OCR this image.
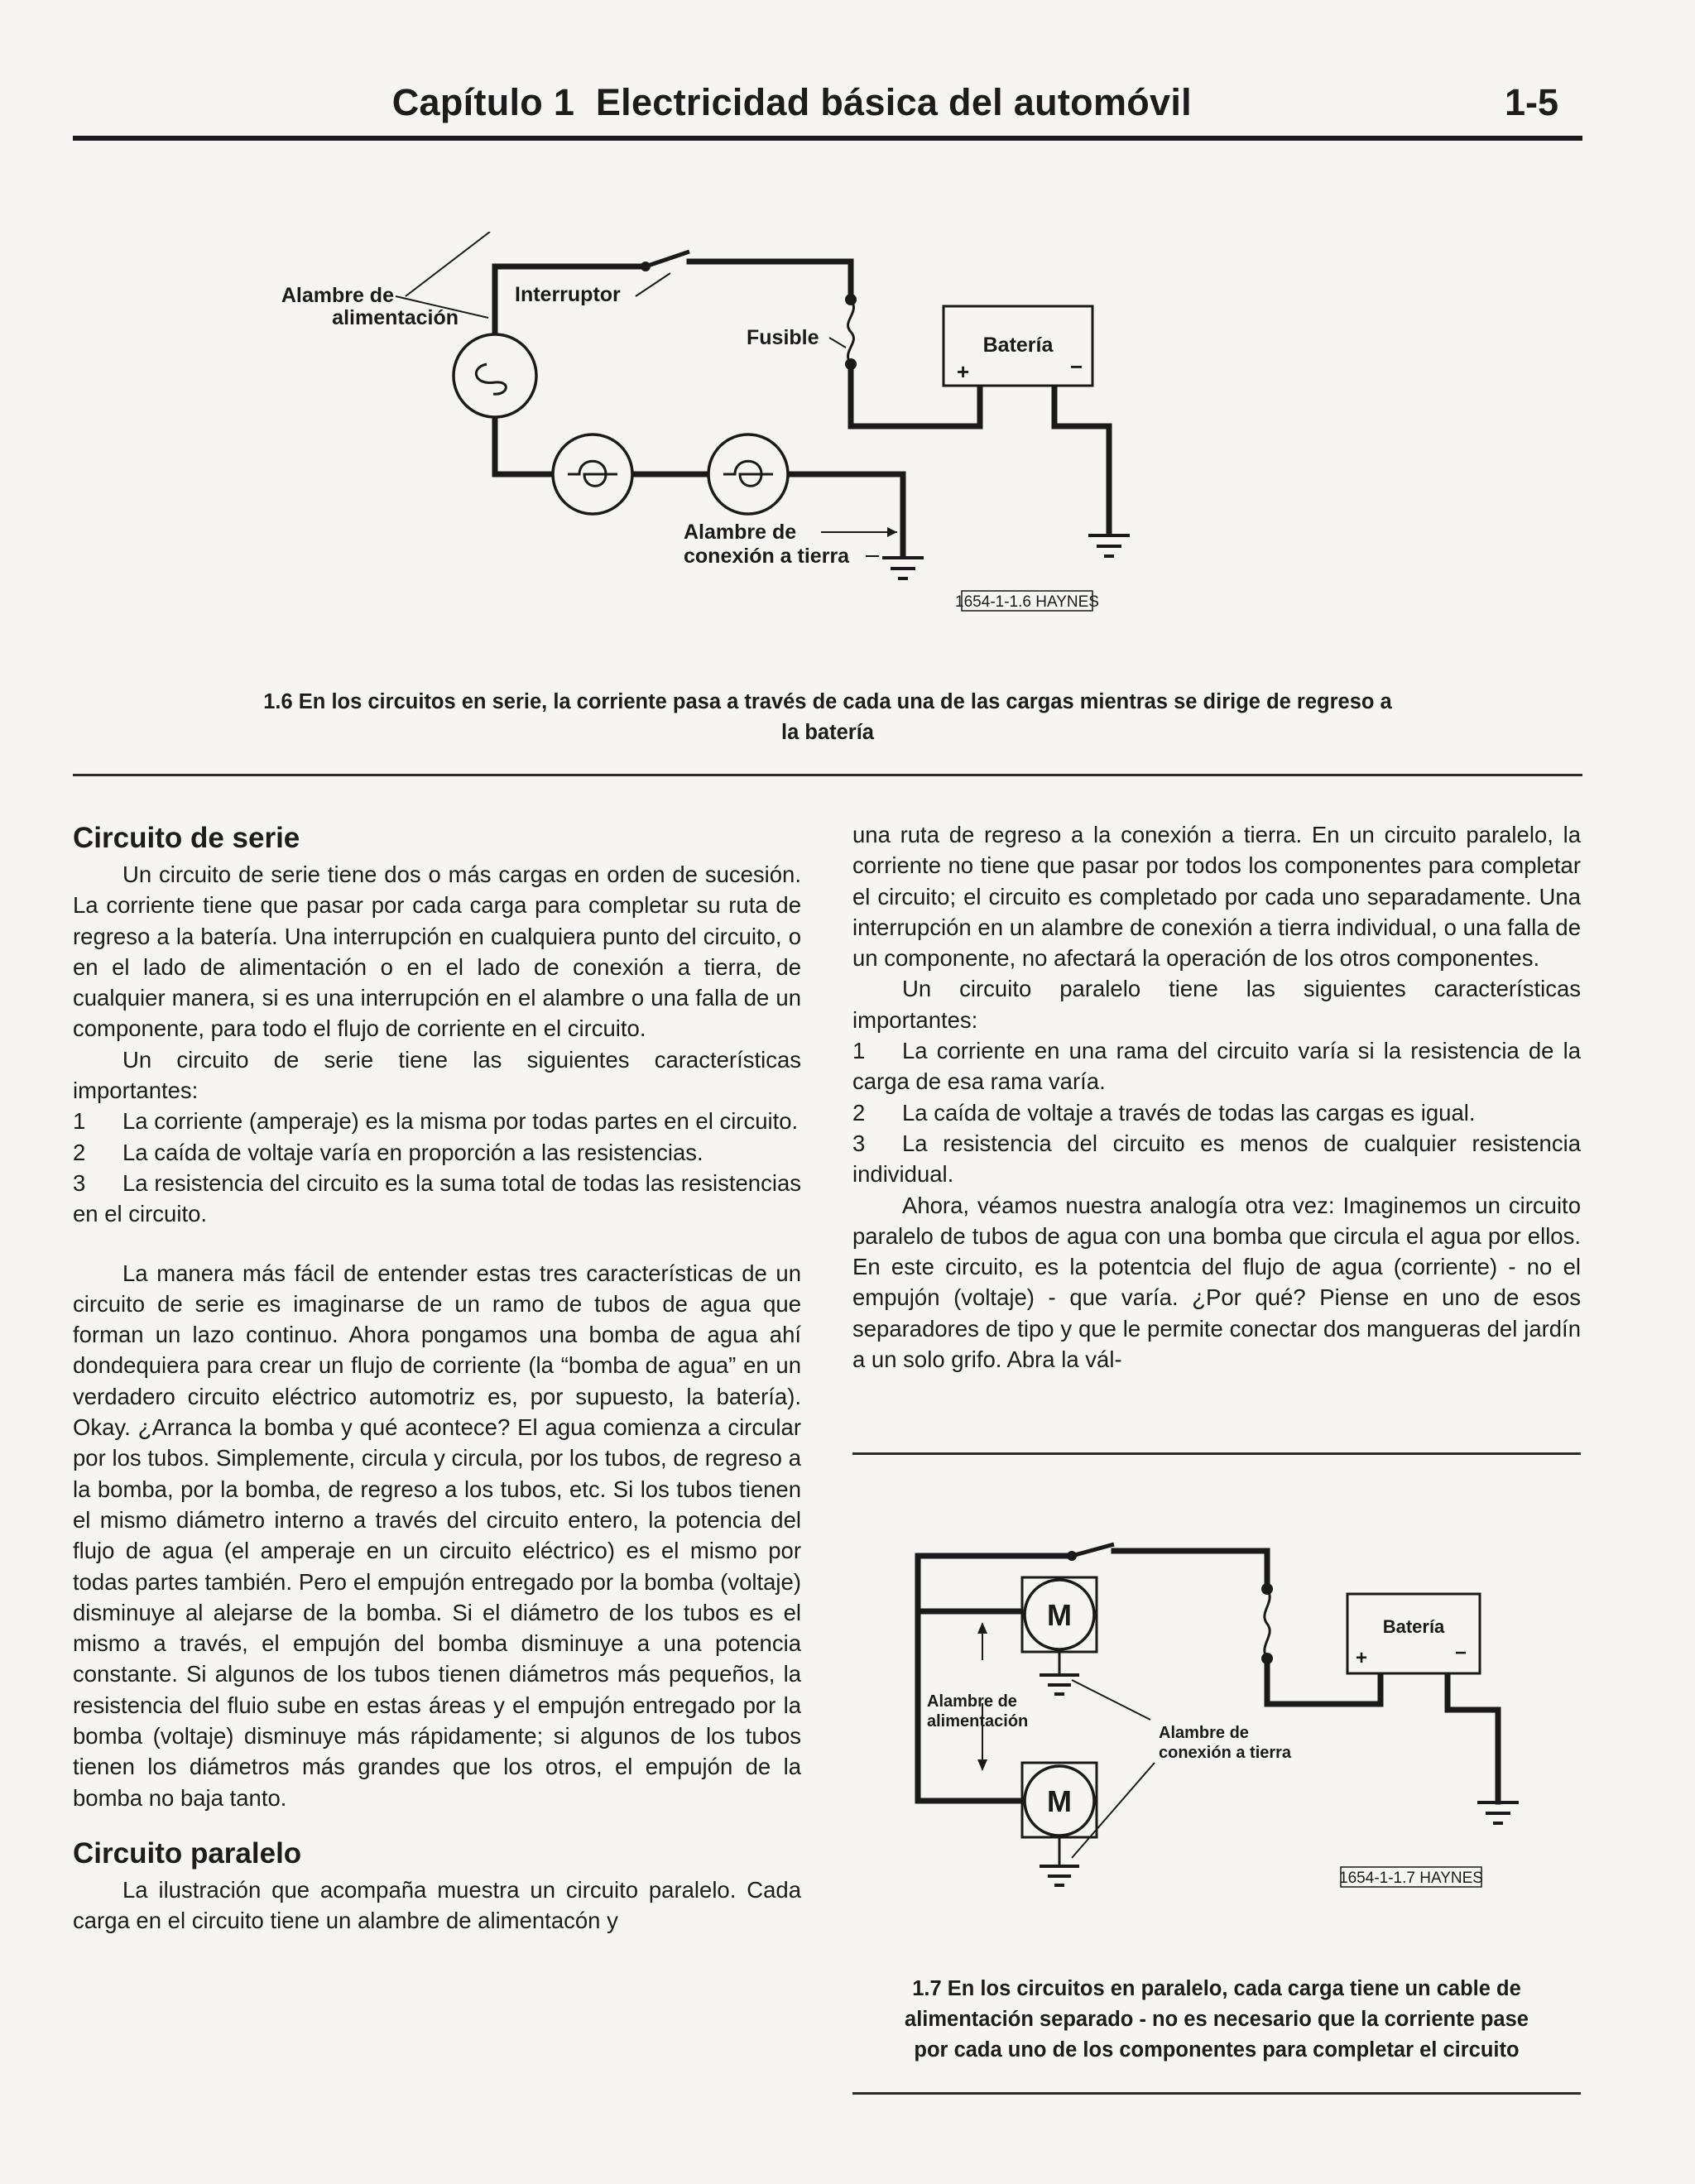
Capítulo 1 Electricidad básica del automóvil	1-5
Batería
+	−
Alambre de
alimentación
Interruptor
Fusible
Alambre de
conexión a tierra
1654-1-1.6 HAYNES
1.6 En los circuitos en serie, la corriente pasa a través de cada una de las cargas mientras se dirige de regreso a
la batería
Circuito de serie

Un circuito de serie tiene dos o más cargas en orden de sucesión. La corriente tiene que pasar por cada carga para completar su ruta de regreso a la batería. Una interrupción en cualquiera punto del circuito, o en el lado de alimentación o en el lado de conexión a tierra, de cualquier manera, si es una interrupción en el alambre o una falla de un componente, para todo el flujo de corriente en el circuito.

Un circuito de serie tiene las siguientes características importantes:

1 La corriente (amperaje) es la misma por todas partes en el circuito.

2 La caída de voltaje varía en proporción a las resistencias.

3 La resistencia del circuito es la suma total de todas las resistencias en el circuito.

La manera más fácil de entender estas tres características de un circuito de serie es imaginarse de un ramo de tubos de agua que forman un lazo continuo. Ahora pongamos una bomba de agua ahí dondequiera para crear un flujo de corriente (la “bomba de agua” en un verdadero circuito eléctrico automotriz es, por supuesto, la batería). Okay. ¿Arranca la bomba y qué acontece? El agua comienza a circular por los tubos. Simplemente, circula y circula, por los tubos, de regreso a la bomba, por la bomba, de regreso a los tubos, etc. Si los tubos tienen el mismo diámetro interno a través del circuito entero, la potencia del flujo de agua (el amperaje en un circuito eléctrico) es el mismo por todas partes también. Pero el empujón entregado por la bomba (voltaje) disminuye al alejarse de la bomba. Si el diámetro de los tubos es el mismo a través, el empujón del bomba disminuye a una potencia constante. Si algunos de los tubos tienen diámetros más pequeños, la resistencia del fluio sube en estas áreas y el empujón entregado por la bomba (voltaje) disminuye más rápidamente; si algunos de los tubos tienen los diámetros más grandes que los otros, el empujón de la bomba no baja tanto.

Circuito paralelo

La ilustración que acompaña muestra un circuito paralelo. Cada carga en el circuito tiene un alambre de alimentacón y

una ruta de regreso a la conexión a tierra. En un circuito paralelo, la corriente no tiene que pasar por todos los componentes para completar el circuito; el circuito es completado por cada uno separadamente. Una interrupción en un alambre de conexión a tierra individual, o una falla de un componente, no afectará la operación de los otros componentes.

Un circuito paralelo tiene las siguientes características importantes:

1 La corriente en una rama del circuito varía si la resistencia de la carga de esa rama varía.

2 La caída de voltaje a través de todas las cargas es igual.

3 La resistencia del circuito es menos de cualquier resistencia individual.

Ahora, véamos nuestra analogía otra vez: Imaginemos un circuito paralelo de tubos de agua con una bomba que circula el agua por ellos. En este circuito, es la potentcia del flujo de agua (corriente) - no el empujón (voltaje) - que varía. ¿Por qué? Piense en uno de esos separadores de tipo y que le permite conectar dos mangueras del jardín a un solo grifo. Abra la vál-

M
M
Batería
+	−
Alambre de
alimentación
Alambre de
conexión a tierra
1654-1-1.7 HAYNES
1.7 En los circuitos en paralelo, cada carga tiene un cable de
alimentación separado - no es necesario que la corriente pase
por cada uno de los componentes para completar el circuito
